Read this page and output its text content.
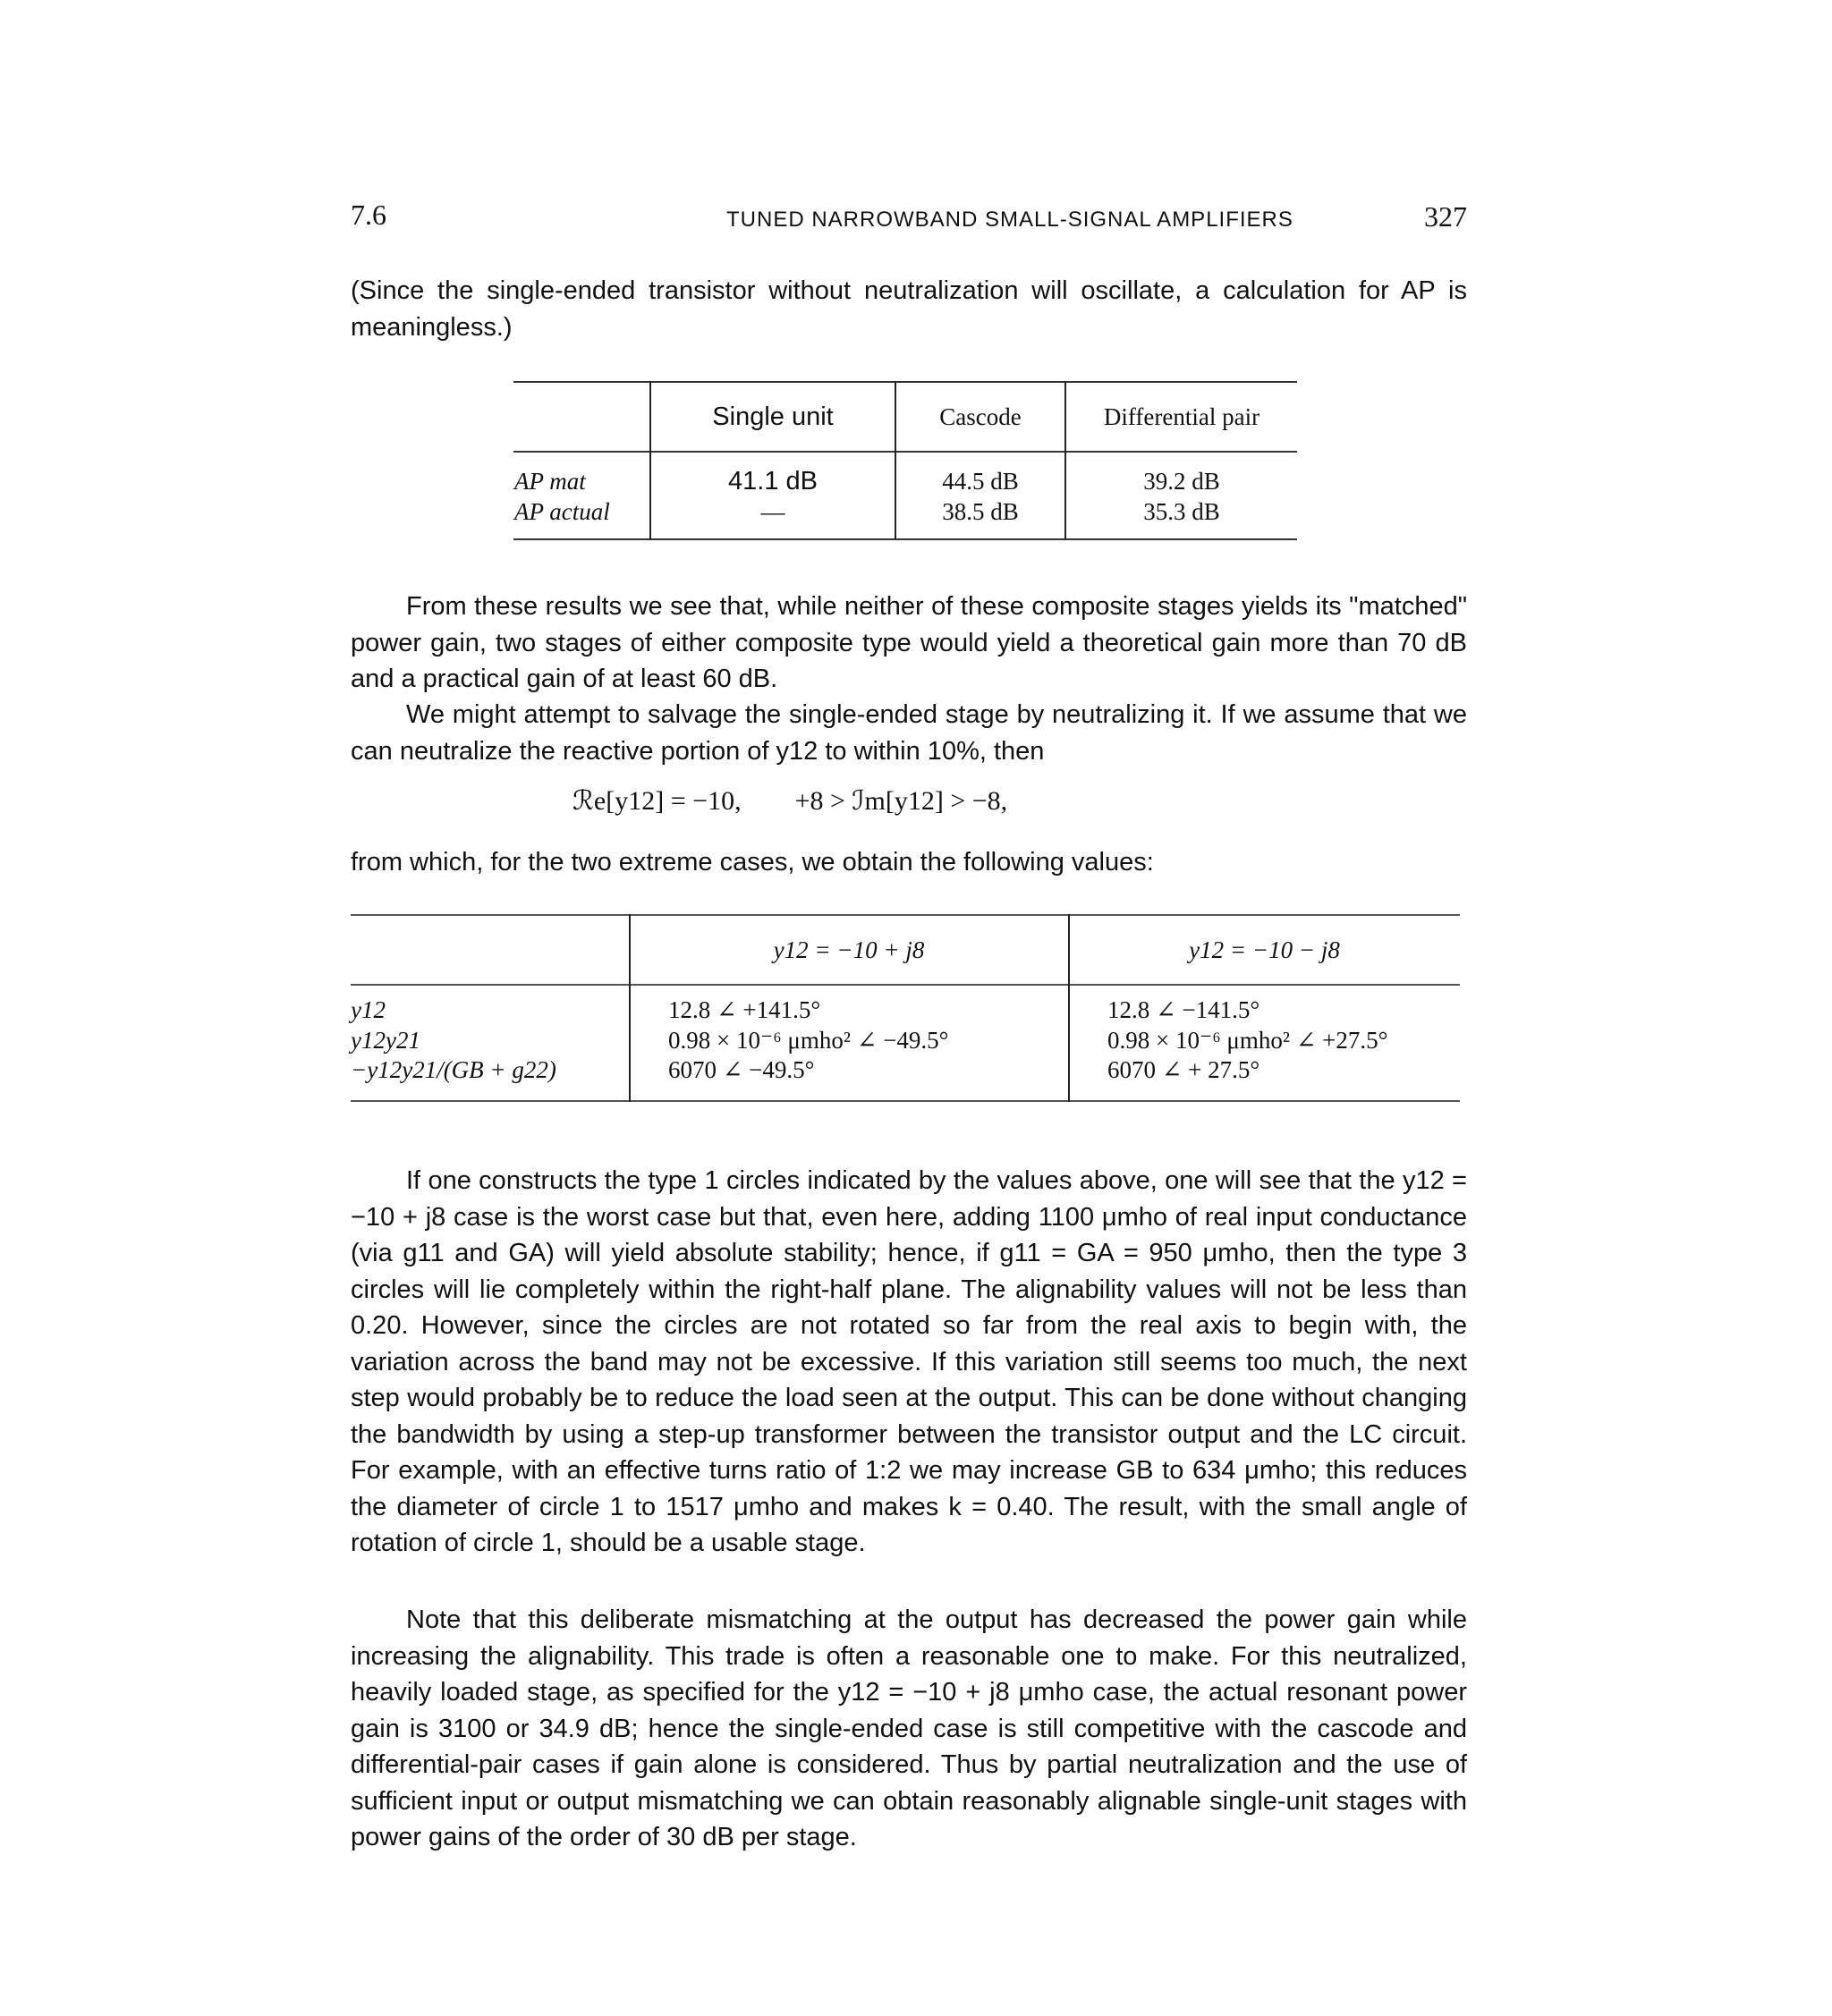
7.6	TUNED NARROWBAND SMALL-SIGNAL AMPLIFIERS	327

(Since the single-ended transistor without neutralization will oscillate, a calculation for AP is meaningless.)

	Single unit	Cascode	Differential pair
AP mat	41.1 dB	44.5 dB	39.2 dB
AP actual	—	38.5 dB	35.3 dB

From these results we see that, while neither of these composite stages yields its "matched" power gain, two stages of either composite type would yield a theoretical gain more than 70 dB and a practical gain of at least 60 dB.

We might attempt to salvage the single-ended stage by neutralizing it. If we assume that we can neutralize the reactive portion of y12 to within 10%, then

ℛe[y12] = −10,        +8 > ℐm[y12] > −8,

from which, for the two extreme cases, we obtain the following values:

	y12 = −10 + j8	y12 = −10 − j8
y12	12.8 ∠ +141.5°	12.8 ∠ −141.5°
y12y21	0.98 × 10⁻⁶ μmho² ∠ −49.5°	0.98 × 10⁻⁶ μmho² ∠ +27.5°
−y12y21/(GB + g22)	6070 ∠ −49.5°	6070 ∠ + 27.5°

If one constructs the type 1 circles indicated by the values above, one will see that the y12 = −10 + j8 case is the worst case but that, even here, adding 1100 μmho of real input conductance (via g11 and GA) will yield absolute stability; hence, if g11 = GA = 950 μmho, then the type 3 circles will lie completely within the right-half plane. The alignability values will not be less than 0.20. However, since the circles are not rotated so far from the real axis to begin with, the variation across the band may not be excessive. If this variation still seems too much, the next step would probably be to reduce the load seen at the output. This can be done without changing the bandwidth by using a step-up transformer between the transistor output and the LC circuit. For example, with an effective turns ratio of 1:2 we may increase GB to 634 μmho; this reduces the diameter of circle 1 to 1517 μmho and makes k = 0.40. The result, with the small angle of rotation of circle 1, should be a usable stage.

Note that this deliberate mismatching at the output has decreased the power gain while increasing the alignability. This trade is often a reasonable one to make. For this neutralized, heavily loaded stage, as specified for the y12 = −10 + j8 μmho case, the actual resonant power gain is 3100 or 34.9 dB; hence the single-ended case is still competitive with the cascode and differential-pair cases if gain alone is considered. Thus by partial neutralization and the use of sufficient input or output mismatching we can obtain reasonably alignable single-unit stages with power gains of the order of 30 dB per stage.
